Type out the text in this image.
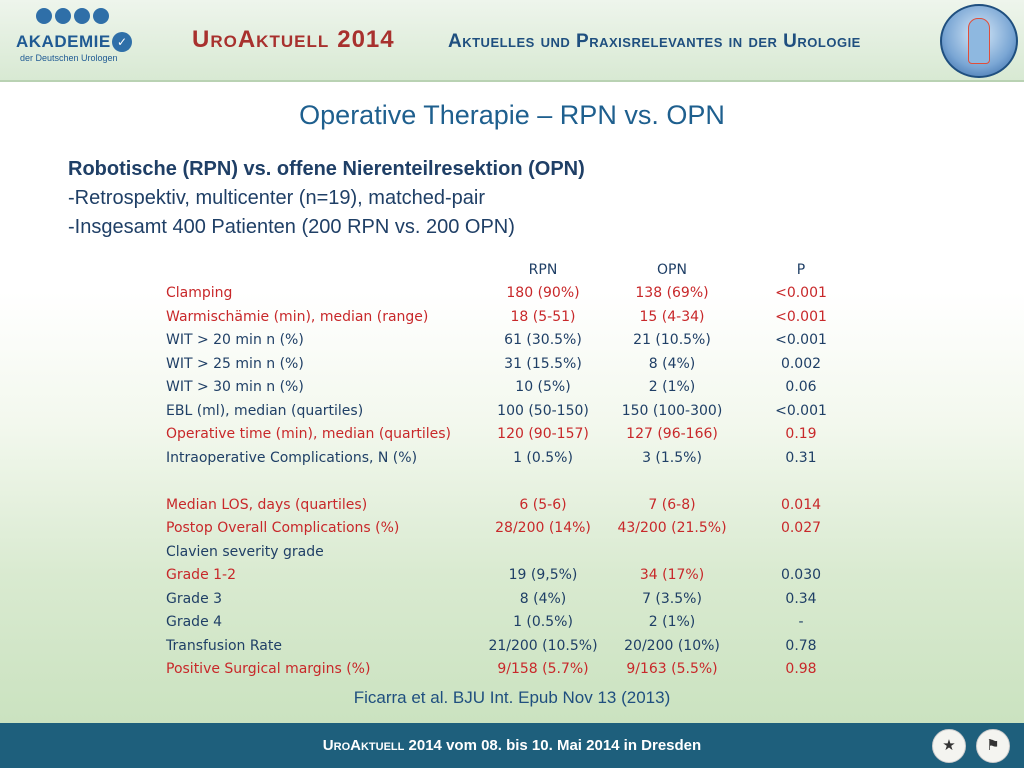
AKADEMIE ✓
der Deutschen Urologen
UroAktuell 2014	Aktuelles und Praxisrelevantes in der Urologie
Operative Therapie – RPN vs. OPN
Robotische (RPN) vs. offene Nierenteilresektion (OPN)
-Retrospektiv, multicenter (n=19), matched-pair
-Insgesamt 400 Patienten (200 RPN vs. 200 OPN)
	RPN	OPN	P
Clamping	180 (90%)	138 (69%)	<0.001
Warmischämie (min), median (range)	18 (5-51)	15 (4-34)	<0.001
WIT > 20 min n (%)	61 (30.5%)	21 (10.5%)	<0.001
WIT > 25 min n (%)	31 (15.5%)	8 (4%)	0.002
WIT > 30 min n (%)	10 (5%)	2 (1%)	0.06
EBL (ml), median (quartiles)	100 (50-150)	150 (100-300)	<0.001
Operative time (min), median (quartiles)	120 (90-157)	127 (96-166)	0.19
Intraoperative Complications, N (%)	1 (0.5%)	3 (1.5%)	0.31

Median LOS, days (quartiles)	6 (5-6)	7 (6-8)	0.014
Postop Overall Complications (%)	28/200 (14%)	43/200 (21.5%)	0.027
Clavien severity grade			
Grade 1-2	19 (9,5%)	34 (17%)	0.030
Grade 3	8 (4%)	7 (3.5%)	0.34
Grade 4	1 (0.5%)	2 (1%)	-
Transfusion Rate	21/200 (10.5%)	20/200 (10%)	0.78
Positive Surgical margins (%)	9/158 (5.7%)	9/163 (5.5%)	0.98
Ficarra et al. BJU Int. Epub Nov 13 (2013)
UroAktuell 2014 vom 08. bis 10. Mai 2014 in Dresden	★	⚑
